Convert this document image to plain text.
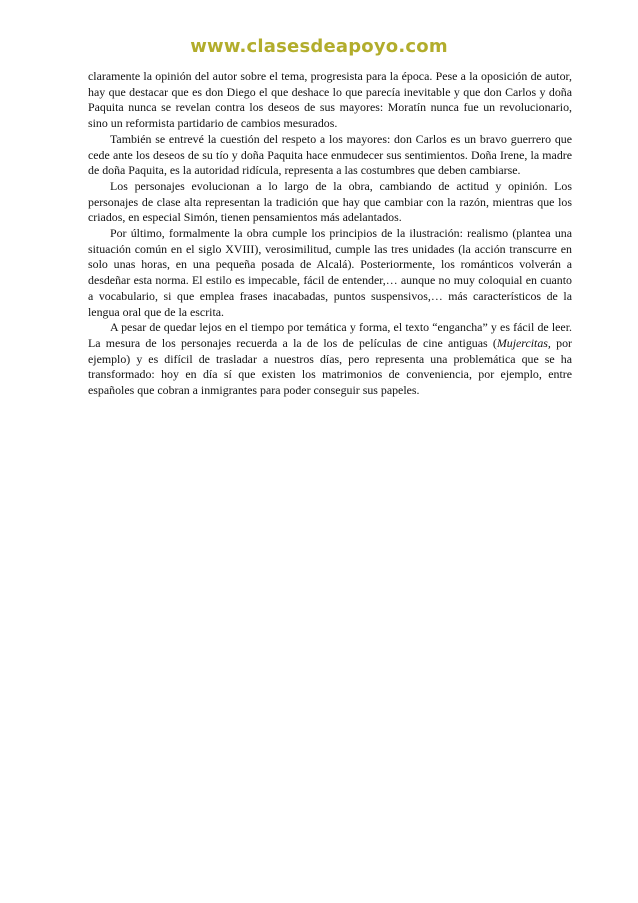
www.clasesdeapoyo.com

claramente la opinión del autor sobre el tema, progresista para la época. Pese a la oposición de autor, hay que destacar que es don Diego el que deshace lo que parecía inevitable y que don Carlos y doña Paquita nunca se revelan contra los deseos de sus mayores: Moratín nunca fue un revolucionario, sino un reformista partidario de cambios mesurados.

También se entrevé la cuestión del respeto a los mayores: don Carlos es un bravo guerrero que cede ante los deseos de su tío y doña Paquita hace enmudecer sus sentimientos. Doña Irene, la madre de doña Paquita, es la autoridad ridícula, representa a las costumbres que deben cambiarse.

Los personajes evolucionan a lo largo de la obra, cambiando de actitud y opinión. Los personajes de clase alta representan la tradición que hay que cambiar con la razón, mientras que los criados, en especial Simón, tienen pensamientos más adelantados.

Por último, formalmente la obra cumple los principios de la ilustración: realismo (plantea una situación común en el siglo XVIII), verosimilitud, cumple las tres unidades (la acción transcurre en solo unas horas, en una pequeña posada de Alcalá). Posteriormente, los románticos volverán a desdeñar esta norma. El estilo es impecable, fácil de entender,… aunque no muy coloquial en cuanto a vocabulario, si que emplea frases inacabadas, puntos suspensivos,… más característicos de la lengua oral que de la escrita.

A pesar de quedar lejos en el tiempo por temática y forma, el texto “engancha” y es fácil de leer. La mesura de los personajes recuerda a la de los de películas de cine antiguas (Mujercitas, por ejemplo) y es difícil de trasladar a nuestros días, pero representa una problemática que se ha transformado: hoy en día sí que existen los matrimonios de conveniencia, por ejemplo, entre españoles que cobran a inmigrantes para poder conseguir sus papeles.
